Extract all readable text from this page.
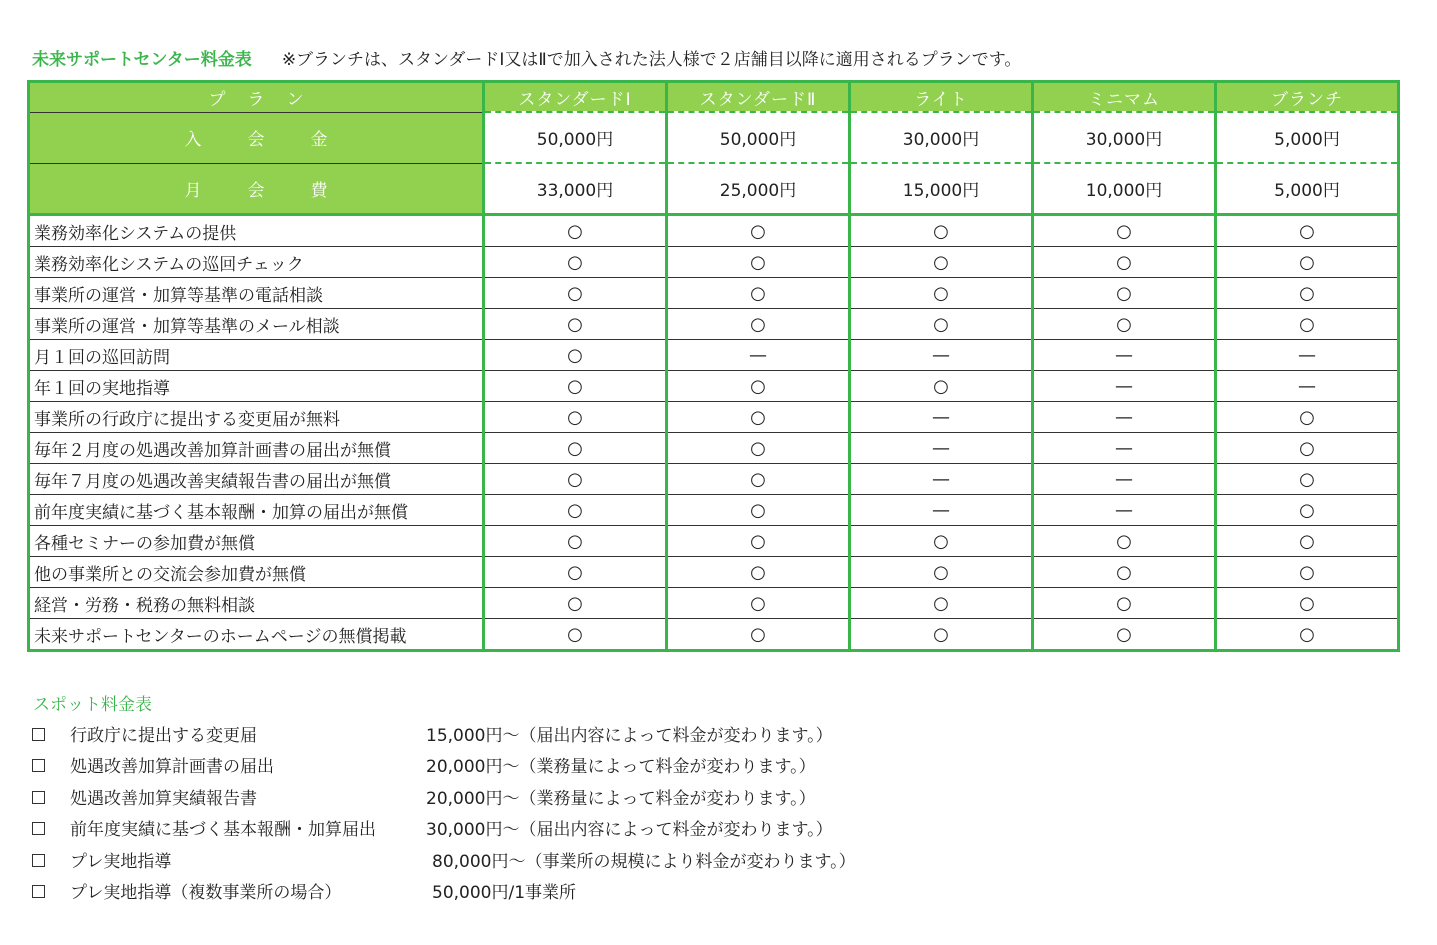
未来サポートセンター料金表 ※ブランチは、スタンダードⅠ又はⅡで加入された法人様で２店舗目以降に適用されるプランです。
プラン	スタンダードⅠ	スタンダードⅡ	ライト	ミニマム	ブランチ
入会金	50,000円	50,000円	30,000円	30,000円	5,000円
月会費	33,000円	25,000円	15,000円	10,000円	5,000円
業務効率化システムの提供	○	○	○	○	○
業務効率化システムの巡回チェック	○	○	○	○	○
事業所の運営・加算等基準の電話相談	○	○	○	○	○
事業所の運営・加算等基準のメール相談	○	○	○	○	○
月１回の巡回訪問	○	—	—	—	—
年１回の実地指導	○	○	○	—	—
事業所の行政庁に提出する変更届が無料	○	○	—	—	○
毎年２月度の処遇改善加算計画書の届出が無償	○	○	—	—	○
毎年７月度の処遇改善実績報告書の届出が無償	○	○	—	—	○
前年度実績に基づく基本報酬・加算の届出が無償	○	○	—	—	○
各種セミナーの参加費が無償	○	○	○	○	○
他の事業所との交流会参加費が無償	○	○	○	○	○
経営・労務・税務の無料相談	○	○	○	○	○
未来サポートセンターのホームページの無償掲載	○	○	○	○	○
スポット料金表
行政庁に提出する変更届	15,000円～（届出内容によって料金が変わります。）
処遇改善加算計画書の届出	20,000円～（業務量によって料金が変わります。）
処遇改善加算実績報告書	20,000円～（業務量によって料金が変わります。）
前年度実績に基づく基本報酬・加算届出	30,000円～（届出内容によって料金が変わります。）
プレ実地指導	80,000円～（事業所の規模により料金が変わります。）
プレ実地指導（複数事業所の場合）	50,000円/1事業所
